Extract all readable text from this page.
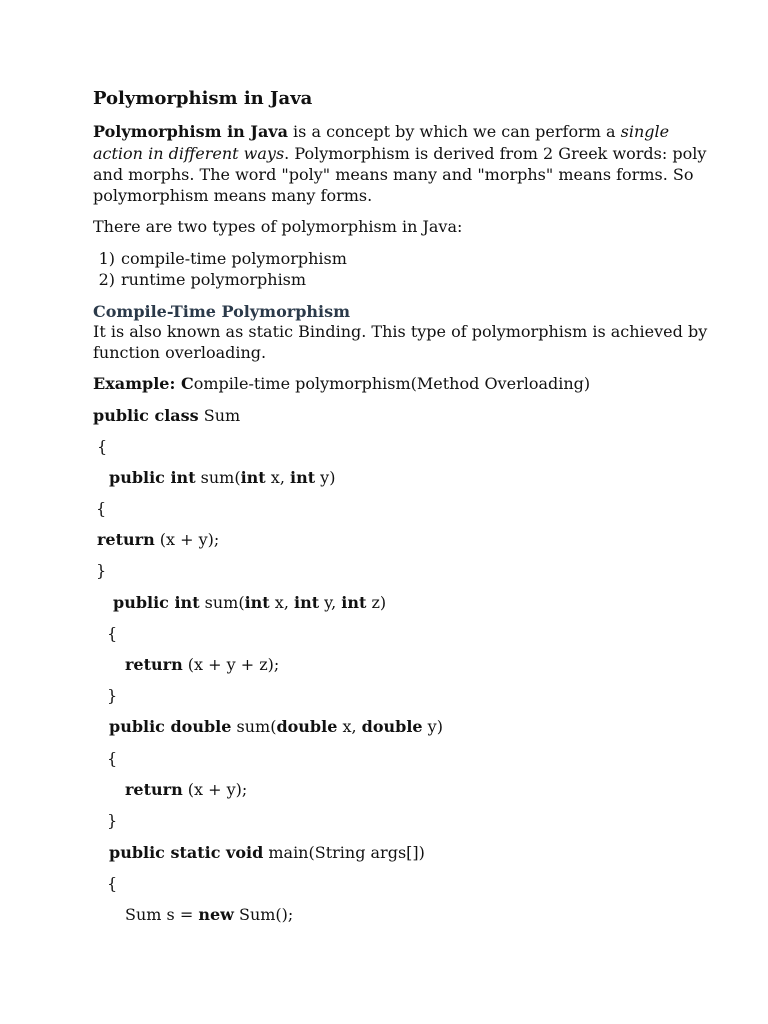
Polymorphism in Java
Polymorphism in Java is a concept by which we can perform a single
action in different ways. Polymorphism is derived from 2 Greek words: poly
and morphs. The word "poly" means many and "morphs" means forms. So
polymorphism means many forms.
There are two types of polymorphism in Java:
1) compile-time polymorphism
2) runtime polymorphism
Compile-Time Polymorphism
It is also known as static Binding. This type of polymorphism is achieved by
function overloading.
Example: Compile-time polymorphism(Method Overloading)
public class Sum
{
public int sum(int x, int y)
{
return (x + y);
}
public int sum(int x, int y, int z)
{
return (x + y + z);
}
public double sum(double x, double y)
{
return (x + y);
}
public static void main(String args[])
{
Sum s = new Sum();
